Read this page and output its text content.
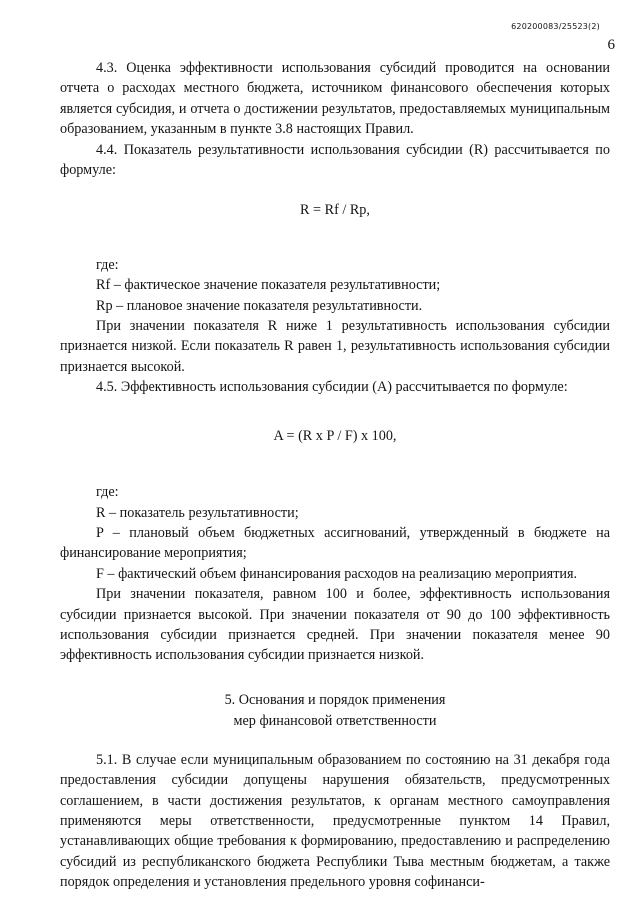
620200083/25523(2)
6

4.3. Оценка эффективности использования субсидий проводится на основании отчета о расходах местного бюджета, источником финансового обеспечения которых является субсидия, и отчета о достижении результатов, предоставляемых муниципальным образованием, указанным в пункте 3.8 настоящих Правил.

4.4. Показатель результативности использования субсидии (R) рассчитывается по формуле:

R = Rf / Rp,

где:

Rf – фактическое значение показателя результативности;

Rp – плановое значение показателя результативности.

При значении показателя R ниже 1 результативность использования субсидии признается низкой. Если показатель R равен 1, результативность использования субсидии признается высокой.

4.5. Эффективность использования субсидии (A) рассчитывается по формуле:

A = (R x P / F) x 100,

где:

R – показатель результативности;

P – плановый объем бюджетных ассигнований, утвержденный в бюджете на финансирование мероприятия;

F – фактический объем финансирования расходов на реализацию мероприятия.

При значении показателя, равном 100 и более, эффективность использования субсидии признается высокой. При значении показателя от 90 до 100 эффективность использования субсидии признается средней. При значении показателя менее 90 эффективность использования субсидии признается низкой.

5. Основания и порядок применения
мер финансовой ответственности

5.1. В случае если муниципальным образованием по состоянию на 31 декабря года предоставления субсидии допущены нарушения обязательств, предусмотренных соглашением, в части достижения результатов, к органам местного самоуправления применяются меры ответственности, предусмотренные пунктом 14 Правил, устанавливающих общие требования к формированию, предоставлению и распределению субсидий из республиканского бюджета Республики Тыва местным бюджетам, а также порядок определения и установления предельного уровня софинанси-
